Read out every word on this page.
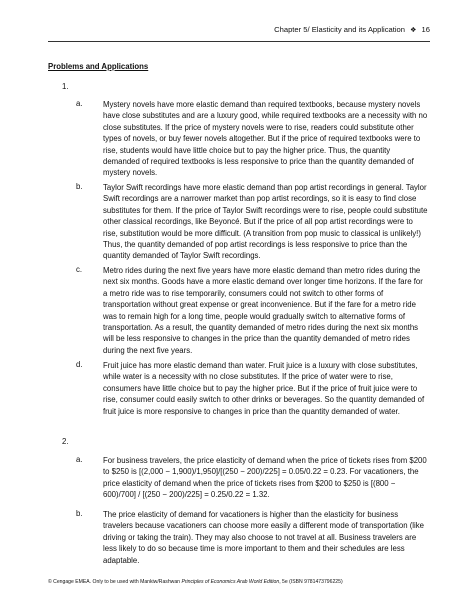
Chapter 5/ Elasticity and its Application ❖ 16
Problems and Applications
1.
a.	Mystery novels have more elastic demand than required textbooks, because mystery novels have close substitutes and are a luxury good, while required textbooks are a necessity with no close substitutes. If the price of mystery novels were to rise, readers could substitute other types of novels, or buy fewer novels altogether. But if the price of required textbooks were to rise, students would have little choice but to pay the higher price. Thus, the quantity demanded of required textbooks is less responsive to price than the quantity demanded of mystery novels.
b.	Taylor Swift recordings have more elastic demand than pop artist recordings in general. Taylor Swift recordings are a narrower market than pop artist recordings, so it is easy to find close substitutes for them. If the price of Taylor Swift recordings were to rise, people could substitute other classical recordings, like Beyoncé. But if the price of all pop artist recordings were to rise, substitution would be more difficult. (A transition from pop music to classical is unlikely!) Thus, the quantity demanded of pop artist recordings is less responsive to price than the quantity demanded of Taylor Swift recordings.
c.	Metro rides during the next five years have more elastic demand than metro rides during the next six months. Goods have a more elastic demand over longer time horizons. If the fare for a metro ride was to rise temporarily, consumers could not switch to other forms of transportation without great expense or great inconvenience. But if the fare for a metro ride was to remain high for a long time, people would gradually switch to alternative forms of transportation. As a result, the quantity demanded of metro rides during the next six months will be less responsive to changes in the price than the quantity demanded of metro rides during the next five years.
d.	Fruit juice has more elastic demand than water. Fruit juice is a luxury with close substitutes, while water is a necessity with no close substitutes. If the price of water were to rise, consumers have little choice but to pay the higher price. But if the price of fruit juice were to rise, consumer could easily switch to other drinks or beverages. So the quantity demanded of fruit juice is more responsive to changes in price than the quantity demanded of water.
2.
a.	For business travelers, the price elasticity of demand when the price of tickets rises from $200 to $250 is [(2,000 − 1,900)/1,950]/[(250 − 200)/225] = 0.05/0.22 = 0.23. For vacationers, the price elasticity of demand when the price of tickets rises from $200 to $250 is [(800 − 600)/700] / [(250 − 200)/225] = 0.25/0.22 = 1.32.
b.	The price elasticity of demand for vacationers is higher than the elasticity for business travelers because vacationers can choose more easily a different mode of transportation (like driving or taking the train). They may also choose to not travel at all. Business travelers are less likely to do so because time is more important to them and their schedules are less adaptable.
© Cengage EMEA. Only to be used with Mankiw/Rashwan Principles of Economics Arab World Edition, 5e (ISBN 9781473796225)
